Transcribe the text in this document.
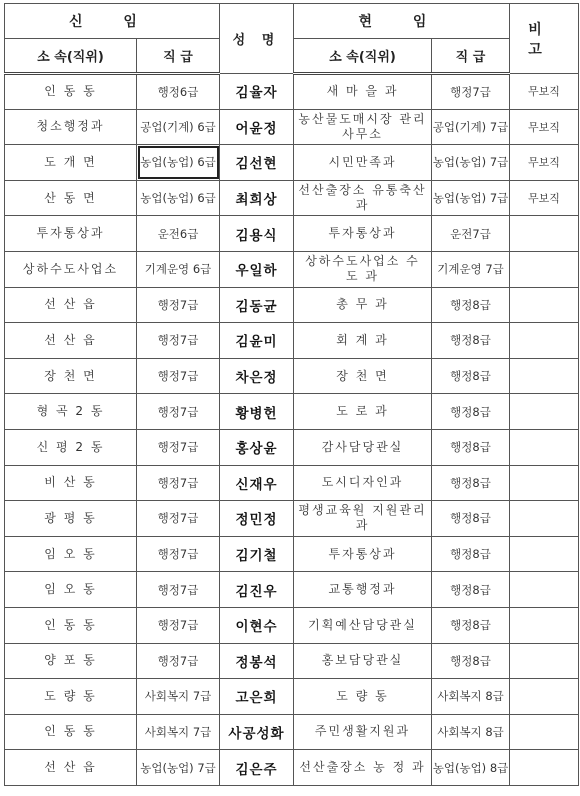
신 임		성 명	현 임		비 고
소 속(직위)	직 급		소 속(직위)	직 급	
인 동 동	행정6급	김율자	새 마 을 과	행정7급	무보직
청소행정과	공업(기계) 6급	어윤정	농산물도매시장 관리사무소	공업(기계) 7급	무보직
도 개 면	농업(농업) 6급	김선현	시민만족과	농업(농업) 7급	무보직
산 동 면	농업(농업) 6급	최희상	선산출장소 유통축산과	농업(농업) 7급	무보직
투자통상과	운전6급	김용식	투자통상과	운전7급	
상하수도사업소	기계운영 6급	우일하	상하수도사업소 수 도 과	기계운영 7급	
선 산 읍	행정7급	김동균	총 무 과	행정8급	
선 산 읍	행정7급	김윤미	회 계 과	행정8급	
장 천 면	행정7급	차은정	장 천 면	행정8급	
형 곡 2 동	행정7급	황병헌	도 로 과	행정8급	
신 평 2 동	행정7급	홍상윤	감사담당관실	행정8급	
비 산 동	행정7급	신재우	도시디자인과	행정8급	
광 평 동	행정7급	정민정	평생교육원 지원관리과	행정8급	
임 오 동	행정7급	김기철	투자통상과	행정8급	
임 오 동	행정7급	김진우	교통행정과	행정8급	
인 동 동	행정7급	이현수	기획예산담당관실	행정8급	
양 포 동	행정7급	정봉석	홍보담당관실	행정8급	
도 량 동	사회복지 7급	고은희	도 량 동	사회복지 8급	
인 동 동	사회복지 7급	사공성화	주민생활지원과	사회복지 8급	
선 산 읍	농업(농업) 7급	김은주	선산출장소 농 정 과	농업(농업) 8급	
